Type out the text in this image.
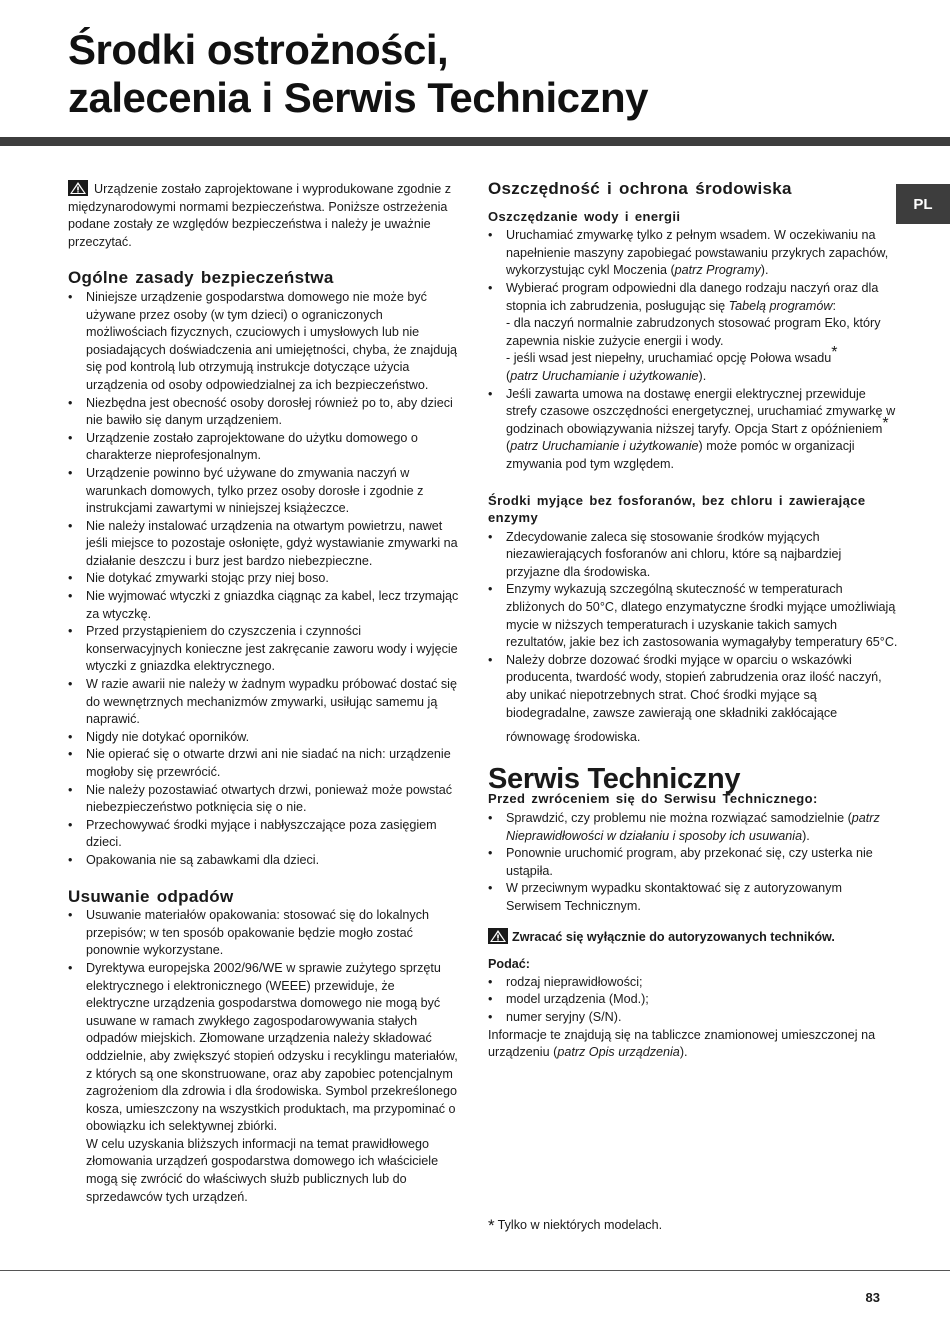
Środki ostrożności,
zalecenia i Serwis Techniczny
PL

Urządzenie zostało zaprojektowane i wyprodukowane zgodnie z międzynarodowymi normami bezpieczeństwa. Poniższe ostrzeżenia podane zostały ze względów bezpieczeństwa i należy je uważnie przeczytać.

Ogólne zasady bezpieczeństwa
• Niniejsze urządzenie gospodarstwa domowego nie może być używane przez osoby (w tym dzieci) o ograniczonych możliwościach fizycznych, czuciowych i umysłowych lub nie posiadających doświadczenia ani umiejętności, chyba, że znajdują się pod kontrolą lub otrzymują instrukcje dotyczące użycia urządzenia od osoby odpowiedzialnej za ich bezpieczeństwo.
• Niezbędna jest obecność osoby dorosłej również po to, aby dzieci nie bawiło się danym urządzeniem.
• Urządzenie zostało zaprojektowane do użytku domowego o charakterze nieprofesjonalnym.
• Urządzenie powinno być używane do zmywania naczyń w warunkach domowych, tylko przez osoby dorosłe i zgodnie z instrukcjami zawartymi w niniejszej książeczce.
• Nie należy instalować urządzenia na otwartym powietrzu, nawet jeśli miejsce to pozostaje osłonięte, gdyż wystawianie zmywarki na działanie deszczu i burz jest bardzo niebezpieczne.
• Nie dotykać zmywarki stojąc przy niej boso.
• Nie wyjmować wtyczki z gniazdka ciągnąc za kabel, lecz trzymając za wtyczkę.
• Przed przystąpieniem do czyszczenia i czynności konserwacyjnych konieczne jest zakręcanie zaworu wody i wyjęcie wtyczki z gniazdka elektrycznego.
• W razie awarii nie należy w żadnym wypadku próbować dostać się do wewnętrznych mechanizmów zmywarki, usiłując samemu ją naprawić.
• Nigdy nie dotykać oporników.
• Nie opierać się o otwarte drzwi ani nie siadać na nich: urządzenie mogłoby się przewrócić.
• Nie należy pozostawiać otwartych drzwi, ponieważ może powstać niebezpieczeństwo potknięcia się o nie.
• Przechowywać środki myjące i nabłyszczające poza zasięgiem dzieci.
• Opakowania nie są zabawkami dla dzieci.
Usuwanie odpadów
• Usuwanie materiałów opakowania: stosować się do lokalnych przepisów; w ten sposób opakowanie będzie mogło zostać ponownie wykorzystane.
• Dyrektywa europejska 2002/96/WE w sprawie zużytego sprzętu elektrycznego i elektronicznego (WEEE) przewiduje, że elektryczne urządzenia gospodarstwa domowego nie mogą być usuwane w ramach zwykłego zagospodarowywania stałych odpadów miejskich. Złomowane urządzenia należy składować oddzielnie, aby zwiększyć stopień odzysku i recyklingu materiałów, z których są one skonstruowane, oraz aby zapobiec potencjalnym zagrożeniom dla zdrowia i dla środowiska. Symbol przekreślonego kosza, umieszczony na wszystkich produktach, ma przypominać o obowiązku ich selektywnej zbiórki.
W celu uzyskania bliższych informacji na temat prawidłowego złomowania urządzeń gospodarstwa domowego ich właściciele mogą się zwrócić do właściwych służb publicznych lub do sprzedawców tych urządzeń.
Oszczędność i ochrona środowiska
Oszczędzanie wody i energii
• Uruchamiać zmywarkę tylko z pełnym wsadem. W oczekiwaniu na napełnienie maszyny zapobiegać powstawaniu przykrych zapachów, wykorzystując cykl Moczenia (patrz Programy).
• Wybierać program odpowiedni dla danego rodzaju naczyń oraz dla stopnia ich zabrudzenia, posługując się Tabelą programów:
- dla naczyń normalnie zabrudzonych stosować program Eko, który zapewnia niskie zużycie energii i wody.
- jeśli wsad jest niepełny, uruchamiać opcję Połowa wsadu*
(patrz Uruchamianie i użytkowanie).
• Jeśli zawarta umowa na dostawę energii elektrycznej przewiduje strefy czasowe oszczędności energetycznej, uruchamiać zmywarkę w godzinach obowiązywania niższej taryfy. Opcja Start z opóźnieniem* (patrz Uruchamianie i użytkowanie) może pomóc w organizacji zmywania pod tym względem.
Środki myjące bez fosforanów, bez chloru i zawierające enzymy
• Zdecydowanie zaleca się stosowanie środków myjących niezawierających fosforanów ani chloru, które są najbardziej przyjazne dla środowiska.
• Enzymy wykazują szczególną skuteczność w temperaturach zbliżonych do 50°C, dlatego enzymatyczne środki myjące umożliwiają mycie w niższych temperaturach i uzyskanie takich samych rezultatów, jakie bez ich zastosowania wymagałyby temperatury 65°C.
• Należy dobrze dozować środki myjące w oparciu o wskazówki producenta, twardość wody, stopień zabrudzenia oraz ilość naczyń, aby unikać niepotrzebnych strat. Choć środki myjące są biodegradalne, zawsze zawierają one składniki zakłócające

równowagę środowiska.

Serwis Techniczny
Przed zwróceniem się do Serwisu Technicznego:
• Sprawdzić, czy problemu nie można rozwiązać samodzielnie (patrz Nieprawidłowości w działaniu i sposoby ich usuwania).
• Ponownie uruchomić program, aby przekonać się, czy usterka nie ustąpiła.
• W przeciwnym wypadku skontaktować się z autoryzowanym Serwisem Technicznym.

Zwracać się wyłącznie do autoryzowanych techników.

Podać:

• rodzaj nieprawidłowości;
• model urządzenia (Mod.);
• numer seryjny (S/N).

Informacje te znajdują się na tabliczce znamionowej umieszczonej na urządzeniu (patrz Opis urządzenia).

* Tylko w niektórych modelach.
83
